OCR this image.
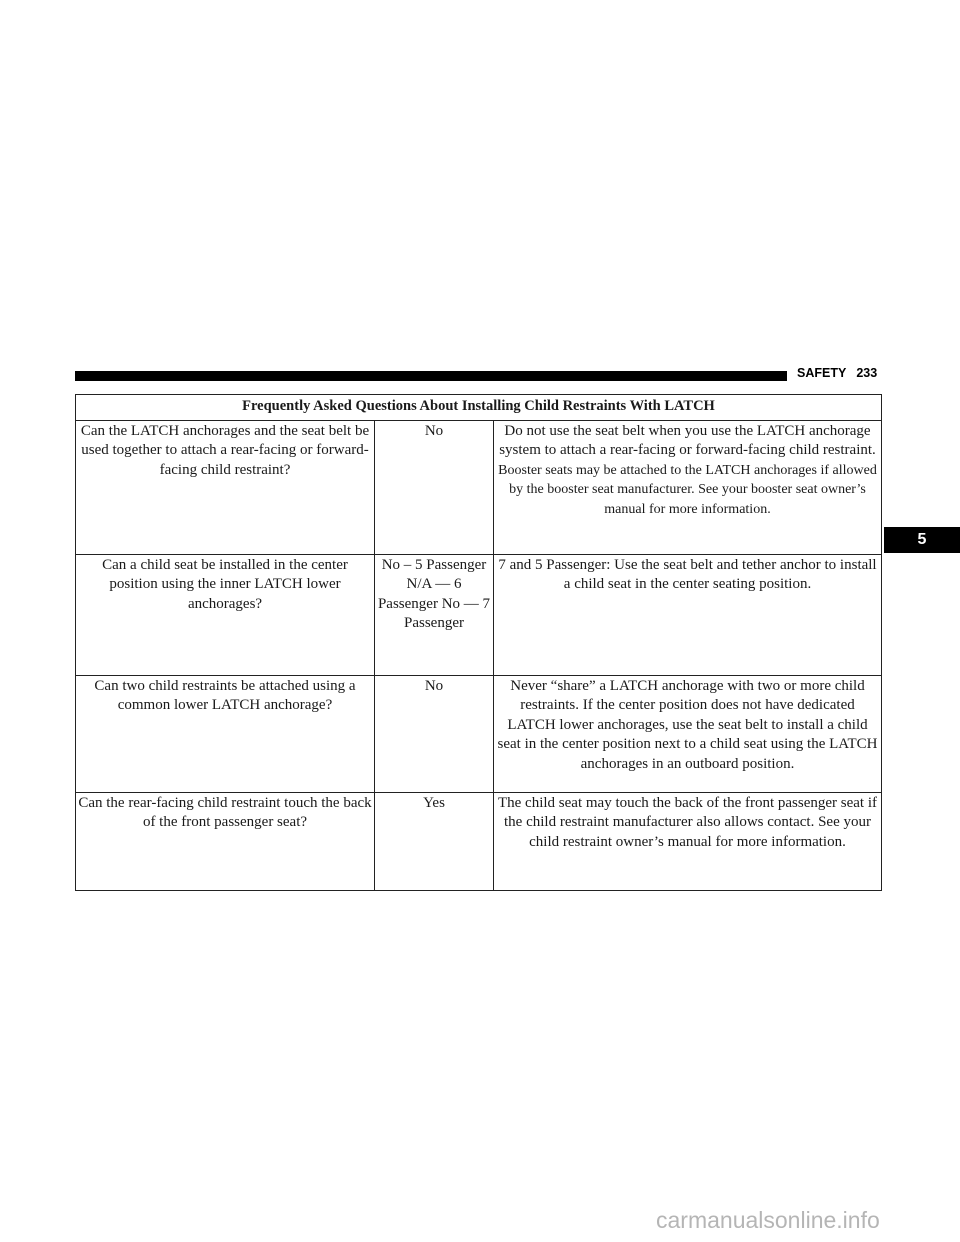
SAFETY 233
5
Frequently Asked Questions About Installing Child Restraints With LATCH		
Can the LATCH anchorages and the seat belt be used together to attach a rear-facing or forward-facing child restraint?	No	Do not use the seat belt when you use the LATCH anchorage system to attach a rear-facing or forward-facing child restraint.

Booster seats may be attached to the LATCH anchorages if allowed by the booster seat manufacturer. See your booster seat owner’s manual for more information.

Can a child seat be installed in the center position using the inner LATCH lower anchorages?	No – 5 Passenger N/A — 6 Passenger No — 7 Passenger	7 and 5 Passenger: Use the seat belt and tether anchor to install a child seat in the center seating position.

Can two child restraints be attached using a common lower LATCH anchorage?	No	Never “share” a LATCH anchorage with two or more child restraints. If the center position does not have dedicated LATCH lower anchorages, use the seat belt to install a child seat in the center position next to a child seat using the LATCH anchorages in an outboard position.

Can the rear-facing child restraint touch the back of the front passenger seat?	Yes	The child seat may touch the back of the front passenger seat if the child restraint manufacturer also allows contact. See your child restraint owner’s manual for more information.

carmanualsonline.info
